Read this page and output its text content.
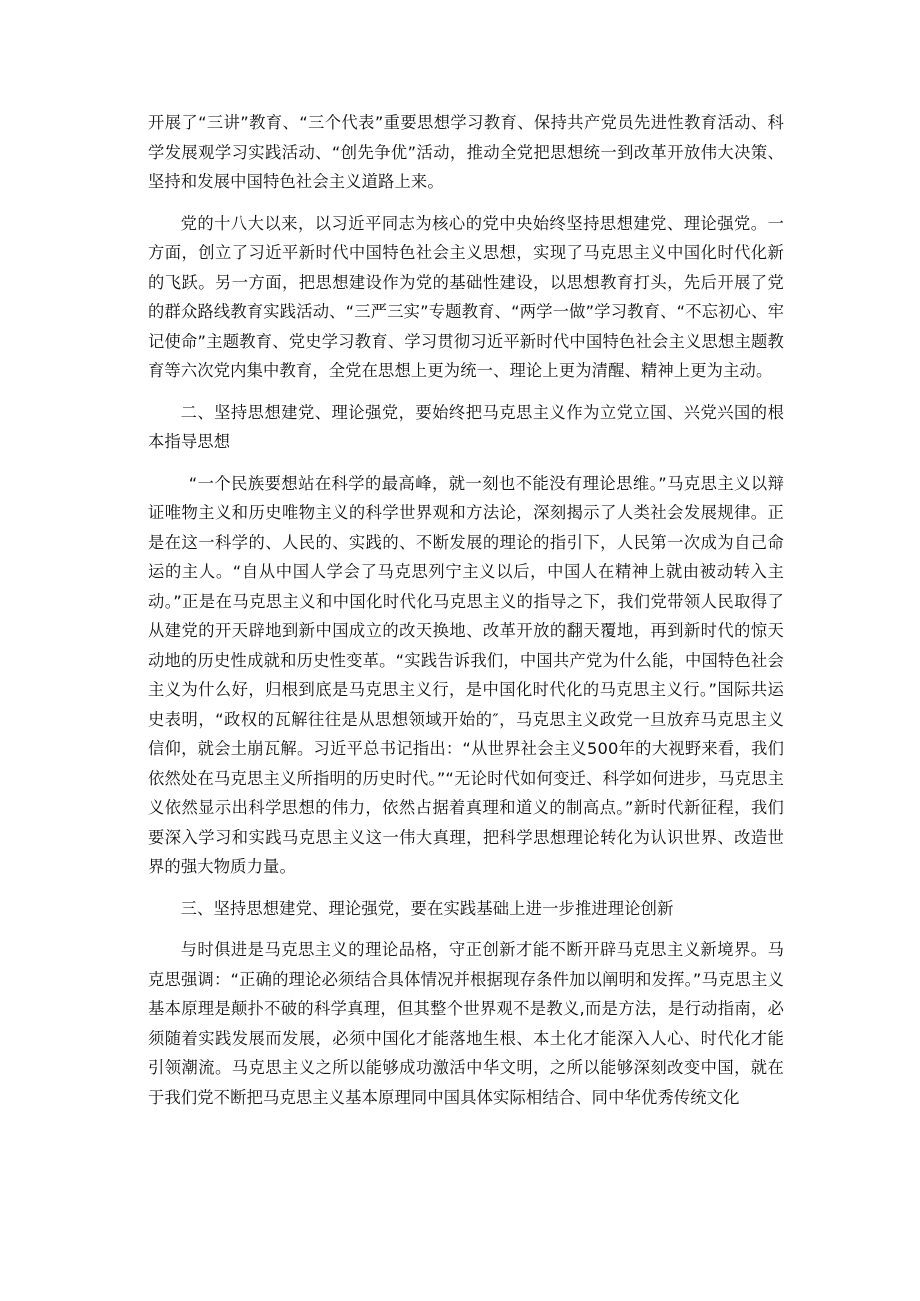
开展了“三讲”教育、“三个代表”重要思想学习教育、保持共产党员先进性教育活动、科学发展观学习实践活动、“创先争优”活动，推动全党把思想统一到改革开放伟大决策、坚持和发展中国特色社会主义道路上来。

党的十八大以来，以习近平同志为核心的党中央始终坚持思想建党、理论强党。一方面，创立了习近平新时代中国特色社会主义思想，实现了马克思主义中国化时代化新的飞跃。另一方面，把思想建设作为党的基础性建设，以思想教育打头，先后开展了党的群众路线教育实践活动、“三严三实”专题教育、“两学一做”学习教育、“不忘初心、牢记使命”主题教育、党史学习教育、学习贯彻习近平新时代中国特色社会主义思想主题教育等六次党内集中教育，全党在思想上更为统一、理论上更为清醒、精神上更为主动。

二、坚持思想建党、理论强党，要始终把马克思主义作为立党立国、兴党兴国的根本指导思想

“一个民族要想站在科学的最高峰，就一刻也不能没有理论思维。”马克思主义以辩证唯物主义和历史唯物主义的科学世界观和方法论，深刻揭示了人类社会发展规律。正是在这一科学的、人民的、实践的、不断发展的理论的指引下，人民第一次成为自己命运的主人。“自从中国人学会了马克思列宁主义以后，中国人在精神上就由被动转入主动。”正是在马克思主义和中国化时代化马克思主义的指导之下，我们党带领人民取得了从建党的开天辟地到新中国成立的改天换地、改革开放的翻天覆地，再到新时代的惊天动地的历史性成就和历史性变革。“实践告诉我们，中国共产党为什么能，中国特色社会主义为什么好，归根到底是马克思主义行，是中国化时代化的马克思主义行。”国际共运史表明，“政权的瓦解往往是从思想领域开始的″，马克思主义政党一旦放弃马克思主义信仰，就会土崩瓦解。习近平总书记指出：“从世界社会主义500年的大视野来看，我们依然处在马克思主义所指明的历史时代。”“无论时代如何变迁、科学如何进步，马克思主义依然显示出科学思想的伟力，依然占据着真理和道义的制高点。”新时代新征程，我们要深入学习和实践马克思主义这一伟大真理，把科学思想理论转化为认识世界、改造世界的强大物质力量。

三、坚持思想建党、理论强党，要在实践基础上进一步推进理论创新

与时俱进是马克思主义的理论品格，守正创新才能不断开辟马克思主义新境界。马克思强调：“正确的理论必须结合具体情况并根据现存条件加以阐明和发挥。”马克思主义基本原理是颠扑不破的科学真理，但其整个世界观不是教义,而是方法，是行动指南，必须随着实践发展而发展，必须中国化才能落地生根、本土化才能深入人心、时代化才能引领潮流。马克思主义之所以能够成功激活中华文明，之所以能够深刻改变中国，就在于我们党不断把马克思主义基本原理同中国具体实际相结合、同中华优秀传统文化
